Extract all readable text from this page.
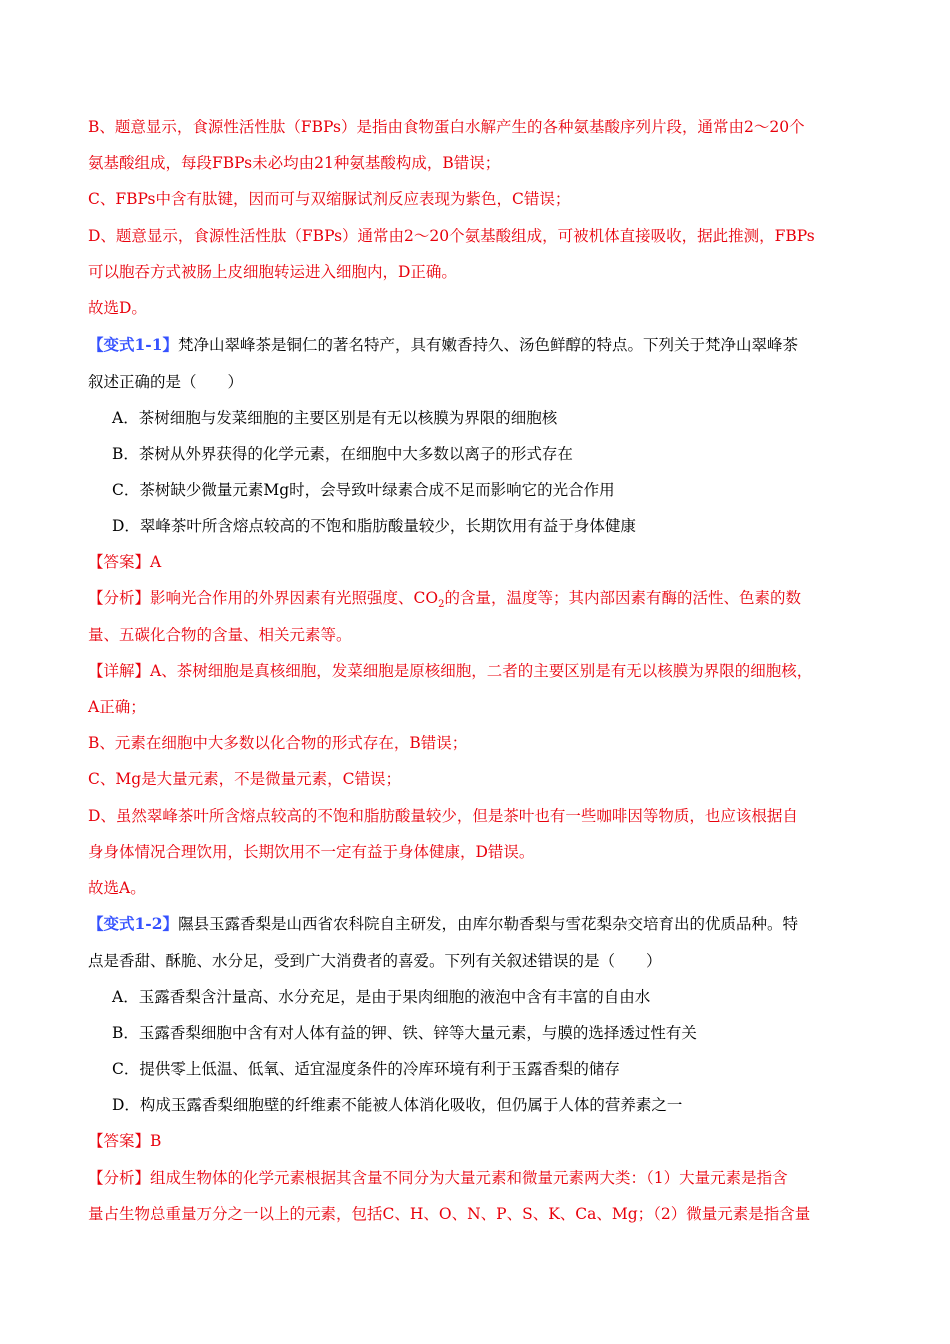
B、题意显示，食源性活性肽（FBPs）是指由食物蛋白水解产生的各种氨基酸序列片段，通常由2～20个
氨基酸组成，每段FBPs未必均由21种氨基酸构成，B错误；
C、FBPs中含有肽键，因而可与双缩脲试剂反应表现为紫色，C错误；
D、题意显示，食源性活性肽（FBPs）通常由2～20个氨基酸组成，可被机体直接吸收，据此推测，FBPs
可以胞吞方式被肠上皮细胞转运进入细胞内，D正确。
故选D。
【变式1-1】梵净山翠峰茶是铜仁的著名特产，具有嫩香持久、汤色鲜醇的特点。下列关于梵净山翠峰茶
叙述正确的是（　　）
A．茶树细胞与发菜细胞的主要区别是有无以核膜为界限的细胞核
B．茶树从外界获得的化学元素，在细胞中大多数以离子的形式存在
C．茶树缺少微量元素Mg时，会导致叶绿素合成不足而影响它的光合作用
D．翠峰茶叶所含熔点较高的不饱和脂肪酸量较少，长期饮用有益于身体健康
【答案】A
【分析】影响光合作用的外界因素有光照强度、$CO_2$的含量，温度等；其内部因素有酶的活性、色素的数
量、五碳化合物的含量、相关元素等。
【详解】A、茶树细胞是真核细胞，发菜细胞是原核细胞，二者的主要区别是有无以核膜为界限的细胞核，
A正确；
B、元素在细胞中大多数以化合物的形式存在，B错误；
C、Mg是大量元素，不是微量元素，C错误；
D、虽然翠峰茶叶所含熔点较高的不饱和脂肪酸量较少，但是茶叶也有一些咖啡因等物质，也应该根据自
身身体情况合理饮用，长期饮用不一定有益于身体健康，D错误。
故选A。
【变式1-2】隰县玉露香梨是山西省农科院自主研发，由库尔勒香梨与雪花梨杂交培育出的优质品种。特
点是香甜、酥脆、水分足，受到广大消费者的喜爱。下列有关叙述错误的是（　　）
A．玉露香梨含汁量高、水分充足，是由于果肉细胞的液泡中含有丰富的自由水
B．玉露香梨细胞中含有对人体有益的钾、铁、锌等大量元素，与膜的选择透过性有关
C．提供零上低温、低氧、适宜湿度条件的冷库环境有利于玉露香梨的储存
D．构成玉露香梨细胞壁的纤维素不能被人体消化吸收，但仍属于人体的营养素之一
【答案】B
【分析】组成生物体的化学元素根据其含量不同分为大量元素和微量元素两大类：（1）大量元素是指含
量占生物总重量万分之一以上的元素，包括C、H、O、N、P、S、K、Ca、Mg；（2）微量元素是指含量
